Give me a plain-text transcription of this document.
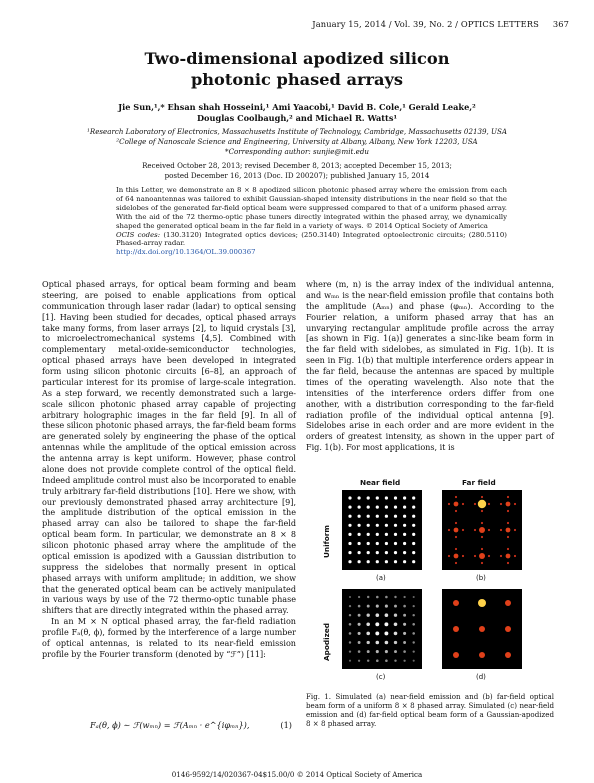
January 15, 2014 / Vol. 39, No. 2 / OPTICS LETTERS 367
Two-dimensional apodized silicon
photonic phased arrays
Jie Sun,¹,* Ehsan shah Hosseini,¹ Ami Yaacobi,¹ David B. Cole,¹ Gerald Leake,²
Douglas Coolbaugh,² and Michael R. Watts¹
¹Research Laboratory of Electronics, Massachusetts Institute of Technology, Cambridge, Massachusetts 02139, USA
²College of Nanoscale Science and Engineering, University at Albany, Albany, New York 12203, USA
*Corresponding author: sunjie@mit.edu
Received October 28, 2013; revised December 8, 2013; accepted December 15, 2013;
posted December 16, 2013 (Doc. ID 200207); published January 15, 2014
In this Letter, we demonstrate an 8 × 8 apodized silicon photonic phased array where the emission from each of 64 nanoantennas was tailored to exhibit Gaussian-shaped intensity distributions in the near field so that the sidelobes of the generated far-field optical beam were suppressed compared to that of a uniform phased array. With the aid of the 72 thermo-optic phase tuners directly integrated within the phased array, we dynamically shaped the generated optical beam in the far field in a variety of ways. © 2014 Optical Society of America
OCIS codes: (130.3120) Integrated optics devices; (250.3140) Integrated optoelectronic circuits; (280.5110) Phased-array radar.
http://dx.doi.org/10.1364/OL.39.000367

Optical phased arrays, for optical beam forming and beam steering, are poised to enable applications from optical communication through laser radar (ladar) to optical sensing [1]. Having been studied for decades, optical phased arrays take many forms, from laser arrays [2], to liquid crystals [3], to microelectromechanical systems [4,5]. Combined with complementary metal-oxide-semiconductor technologies, optical phased arrays have been developed in integrated form using silicon photonic circuits [6–8], an approach of particular interest for its promise of large-scale integration. As a step forward, we recently demonstrated such a large-scale silicon photonic phased array capable of projecting arbitrary holographic images in the far field [9]. In all of these silicon photonic phased arrays, the far-field beam forms are generated solely by engineering the phase of the optical antennas while the amplitude of the optical emission across the antenna array is kept uniform. However, phase control alone does not provide complete control of the optical field. Indeed amplitude control must also be incorporated to enable truly arbitrary far-field distributions [10]. Here we show, with our previously demonstrated phased array architecture [9], the amplitude distribution of the optical emission in the phased array can also be tailored to shape the far-field optical beam form. In particular, we demonstrate an 8 × 8 silicon photonic phased array where the amplitude of the optical emission is apodized with a Gaussian distribution to suppress the sidelobes that normally present in optical phased arrays with uniform amplitude; in addition, we show that the generated optical beam can be actively manipulated in various ways by use of the 72 thermo-optic tunable phase shifters that are directly integrated within the phased array.

In an M × N optical phased array, the far-field radiation profile Fₐ(θ, ϕ), formed by the interference of a large number of optical antennas, is related to its near-field emission profile by the Fourier transform (denoted by “ℱ”) [11]:

Fₐ(θ, ϕ) ∼ ℱ(wₘₙ) = ℱ(Aₘₙ · e^{iφₘₙ}),	(1)

where (m, n) is the array index of the individual antenna, and wₘₙ is the near-field emission profile that contains both the amplitude (Aₘₙ) and phase (φₘₙ). According to the Fourier relation, a uniform phased array that has an unvarying rectangular amplitude profile across the array [as shown in Fig. 1(a)] generates a sinc-like beam form in the far field with sidelobes, as simulated in Fig. 1(b). It is seen in Fig. 1(b) that multiple interference orders appear in the far field, because the antennas are spaced by multiple times of the operating wavelength. Also note that the intensities of the interference orders differ from one another, with a distribution corresponding to the far-field radiation profile of the individual optical antenna [9]. Sidelobes arise in each order and are more evident in the orders of greatest intensity, as shown in the upper part of Fig. 1(b). For most applications, it is

Near field	Far field
Uniform
Apodized
(a)	(b)
(c)	(d)
Fig. 1. Simulated (a) near-field emission and (b) far-field optical beam form of a uniform 8 × 8 phased array. Simulated (c) near-field emission and (d) far-field optical beam form of a Gaussian-apodized 8 × 8 phased array.
0146-9592/14/020367-04$15.00/0 © 2014 Optical Society of America
